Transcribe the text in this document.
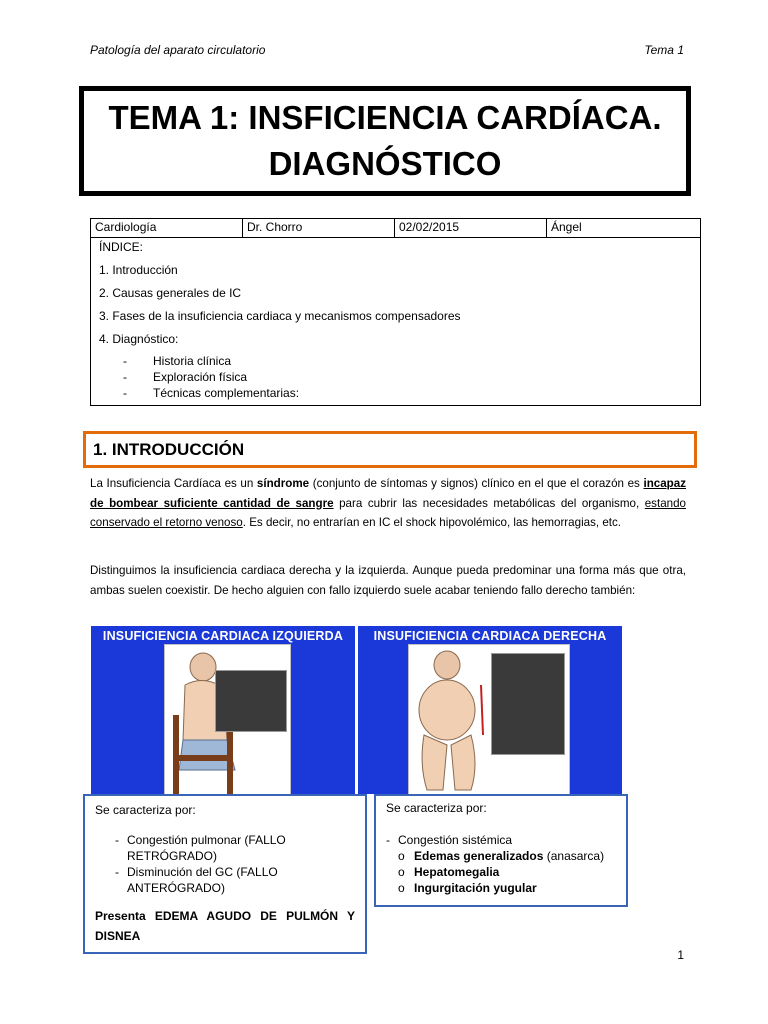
Patología del aparato circulatorio	Tema 1
TEMA 1: INSFICIENCIA CARDÍACA.
DIAGNÓSTICO
Cardiología	Dr. Chorro	02/02/2015	Ángel

ÍNDICE:

1. Introducción

2. Causas generales de IC

3. Fases de la insuficiencia cardiaca y mecanismos compensadores

4. Diagnóstico:

- Historia clínica
- Exploración física
- Técnicas complementarias:
1. INTRODUCCIÓN
La Insuficiencia Cardíaca es un síndrome (conjunto de síntomas y signos) clínico en el que el corazón es incapaz de bombear suficiente cantidad de sangre para cubrir las necesidades metabólicas del organismo, estando conservado el retorno venoso. Es decir, no entrarían en IC el shock hipovolémico, las hemorragias, etc.
Distinguimos la insuficiencia cardiaca derecha y la izquierda. Aunque pueda predominar una forma más que otra, ambas suelen coexistir. De hecho alguien con fallo izquierdo suele acabar teniendo fallo derecho también:
INSUFICIENCIA CARDIACA IZQUIERDA	INSUFICIENCIA CARDIACA DERECHA

Se caracteriza por:

- Congestión pulmonar (FALLO RETRÓGRADO)
- Disminución del GC (FALLO ANTERÓGRADO)

Presenta EDEMA AGUDO DE PULMÓN Y DISNEA

Se caracteriza por:

- Congestión sistémica
o Edemas generalizados (anasarca)
o Hepatomegalia
o Ingurgitación yugular
1
